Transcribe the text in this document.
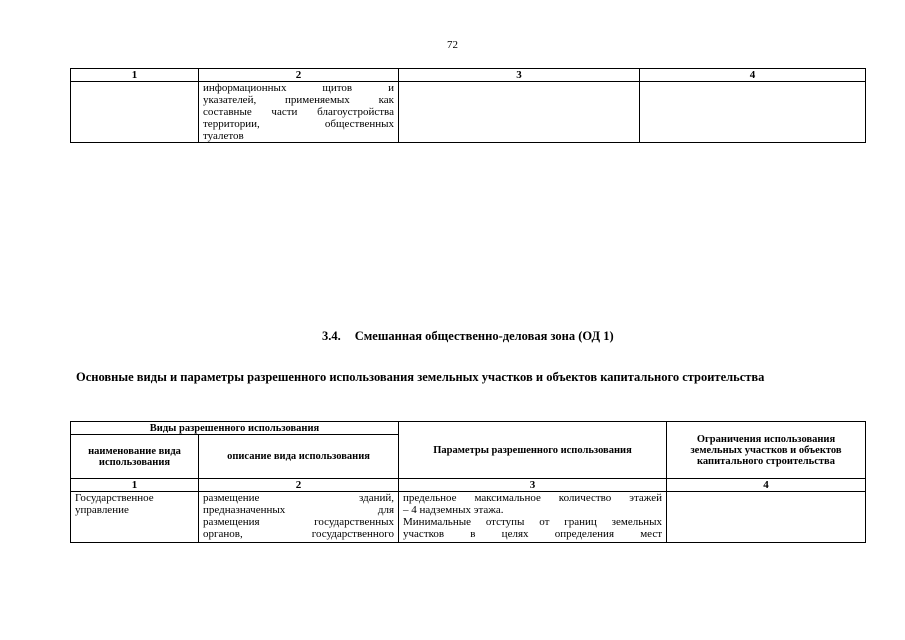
72
1	2	3	4

	информационных щитов и
указателей, применяемых как
составные части благоустройства
территории, общественных
туалетов		

3.4. Смешанная общественно-деловая зона (ОД 1)
Основные виды и параметры разрешенного использования земельных участков и объектов капитального строительства
Виды разрешенного использования		Параметры разрешенного использования	Ограничения использования земельных участков и объектов капитального строительства
наименование вида использования	описание вида использования		
1	2	3	4
Государственное управление	размещение зданий,
предназначенных для
размещения государственных
органов, государственного	предельное максимальное количество этажей
– 4 надземных этажа.
Минимальные отступы от границ земельных
участков в целях определения мест	
